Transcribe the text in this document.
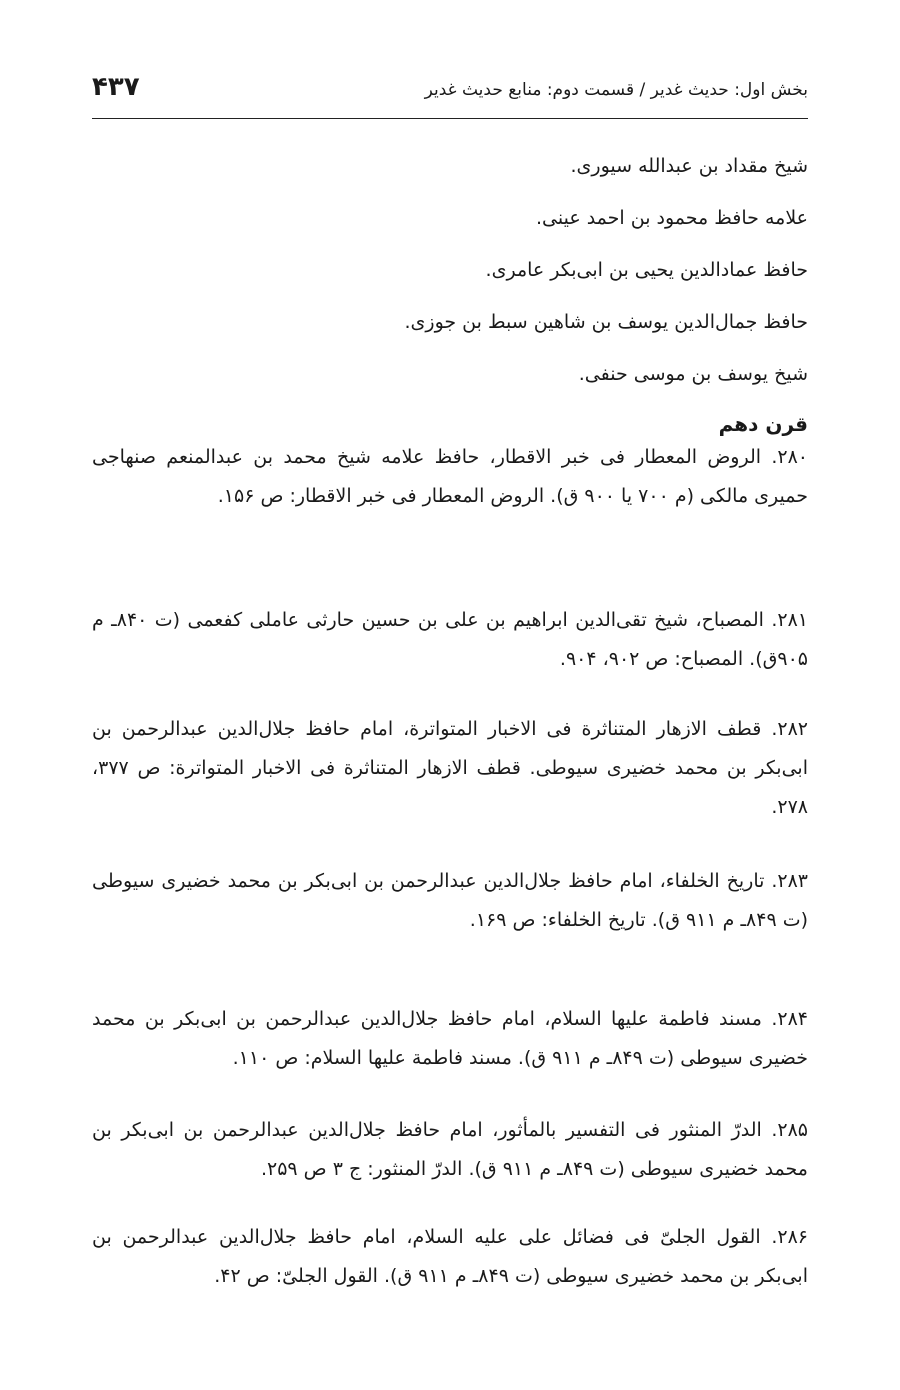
بخش اول: حديث غدير / قسمت دوم: منابع حديث غدير
۴۳۷
شيخ مقداد بن عبدالله سيورى.
علامه حافظ محمود بن احمد عينى.
حافظ عمادالدين يحيى بن ابى‌بكر عامرى.
حافظ جمال‌الدين يوسف بن شاهين سبط بن جوزى.
شيخ يوسف بن موسى حنفى.
قرن دهم

۲۸۰. الروض المعطار فى خبر الاقطار، حافظ علامه شيخ محمد بن عبدالمنعم صنهاجى حميرى مالكى (م ۷۰۰ يا ۹۰۰ ق). الروض المعطار فى خبر الاقطار: ص ۱۵۶.

۲۸۱. المصباح، شيخ تقى‌الدين ابراهيم بن على بن حسين حارثى عاملى كفعمى (ت ۸۴۰ـ م ۹۰۵ق). المصباح: ص ۹۰۲، ۹۰۴.

۲۸۲. قطف الازهار المتناثرة فى الاخبار المتواترة، امام حافظ جلال‌الدين عبدالرحمن بن ابى‌بكر بن محمد خضيرى سيوطى. قطف الازهار المتناثرة فى الاخبار المتواترة: ص ۳۷۷، ۲۷۸.

۲۸۳. تاريخ الخلفاء، امام حافظ جلال‌الدين عبدالرحمن بن ابى‌بكر بن محمد خضيرى سيوطى (ت ۸۴۹ـ م ۹۱۱ ق). تاريخ الخلفاء: ص ۱۶۹.

۲۸۴. مسند فاطمة عليها السلام، امام حافظ جلال‌الدين عبدالرحمن بن ابى‌بكر بن محمد خضيرى سيوطى (ت ۸۴۹ـ م ۹۱۱ ق). مسند فاطمة عليها السلام: ص ۱۱۰.

۲۸۵. الدرّ المنثور فى التفسير بالمأثور، امام حافظ جلال‌الدين عبدالرحمن بن ابى‌بكر بن محمد خضيرى سيوطى (ت ۸۴۹ـ م ۹۱۱ ق). الدرّ المنثور: ج ۳ ص ۲۵۹.

۲۸۶. القول الجلىّ فى فضائل على عليه السلام، امام حافظ جلال‌الدين عبدالرحمن بن ابى‌بكر بن محمد خضيرى سيوطى (ت ۸۴۹ـ م ۹۱۱ ق). القول الجلىّ: ص ۴۲.
